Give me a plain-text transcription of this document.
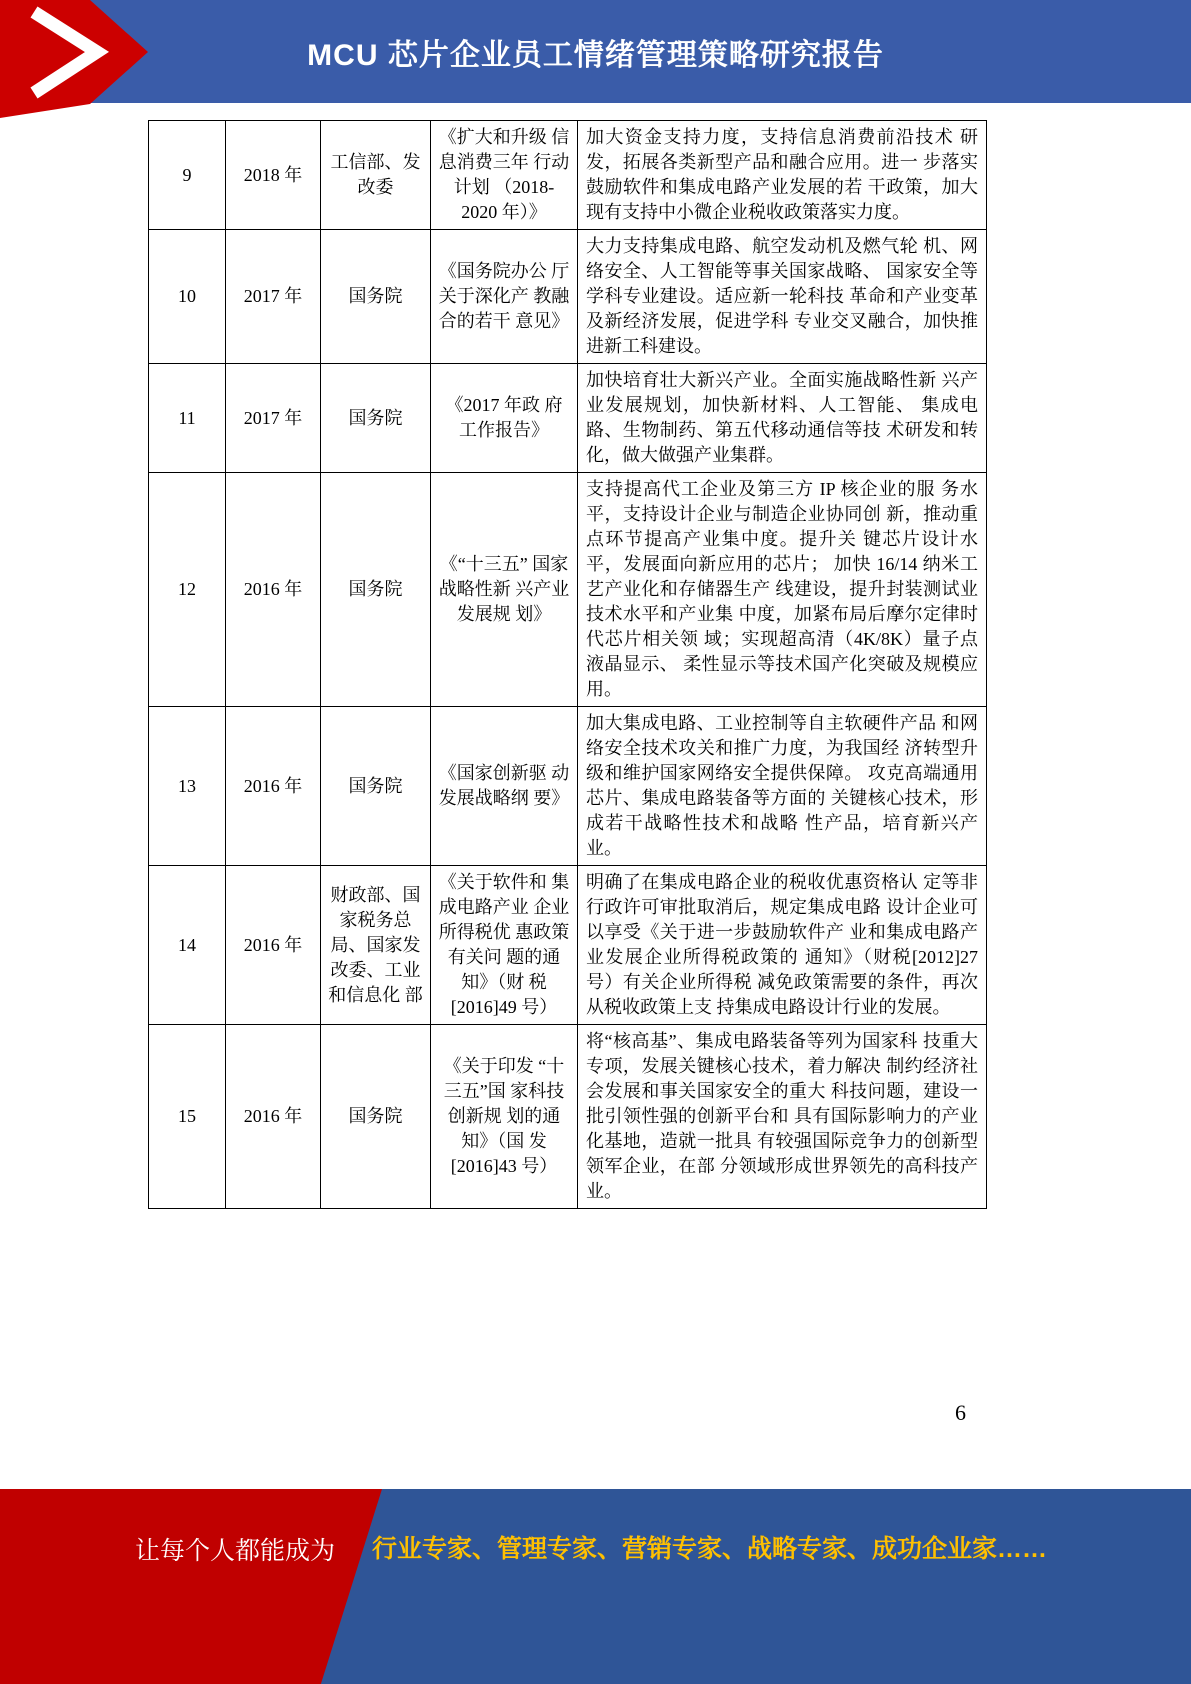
MCU 芯片企业员工情绪管理策略研究报告
9	2018 年	工信部、发 改委	《扩大和升级 信息消费三年 行动计划 （2018-2020 年）》	加大资金支持力度，支持信息消费前沿技术 研发，拓展各类新型产品和融合应用。进一 步落实鼓励软件和集成电路产业发展的若 干政策，加大现有支持中小微企业税收政策落实力度。
10	2017 年	国务院	《国务院办公 厅关于深化产 教融合的若干 意见》	大力支持集成电路、航空发动机及燃气轮 机、网络安全、人工智能等事关国家战略、 国家安全等学科专业建设。适应新一轮科技 革命和产业变革及新经济发展，促进学科 专业交叉融合，加快推进新工科建设。
11	2017 年	国务院	《2017 年政 府工作报告》	加快培育壮大新兴产业。全面实施战略性新 兴产业发展规划，加快新材料、人工智能、 集成电路、生物制药、第五代移动通信等技 术研发和转化，做大做强产业集群。
12	2016 年	国务院	《“十三五” 国家战略性新 兴产业发展规 划》	支持提高代工企业及第三方 IP 核企业的服 务水平，支持设计企业与制造企业协同创 新，推动重点环节提高产业集中度。提升关 键芯片设计水平，发展面向新应用的芯片； 加快 16/14 纳米工艺产业化和存储器生产 线建设，提升封装测试业技术水平和产业集 中度，加紧布局后摩尔定律时代芯片相关领 域；实现超高清（4K/8K）量子点液晶显示、 柔性显示等技术国产化突破及规模应用。
13	2016 年	国务院	《国家创新驱 动发展战略纲 要》	加大集成电路、工业控制等自主软硬件产品 和网络安全技术攻关和推广力度，为我国经 济转型升级和维护国家网络安全提供保障。 攻克高端通用芯片、集成电路装备等方面的 关键核心技术，形成若干战略性技术和战略 性产品，培育新兴产业。
14	2016 年	财政部、国 家税务总 局、国家发 改委、工业 和信息化 部	《关于软件和 集成电路产业 企业所得税优 惠政策有关问 题的通知》（财 税[2016]49 号）	明确了在集成电路企业的税收优惠资格认 定等非行政许可审批取消后，规定集成电路 设计企业可以享受《关于进一步鼓励软件产 业和集成电路产业发展企业所得税政策的 通知》（财税[2012]27 号）有关企业所得税 减免政策需要的条件，再次从税收政策上支 持集成电路设计行业的发展。
15	2016 年	国务院	《关于印发 “十三五”国 家科技创新规 划的通知》（国 发[2016]43 号）	将“核高基”、集成电路装备等列为国家科 技重大专项，发展关键核心技术，着力解决 制约经济社会发展和事关国家安全的重大 科技问题，建设一批引领性强的创新平台和 具有国际影响力的产业化基地，造就一批具 有较强国际竞争力的创新型领军企业，在部 分领域形成世界领先的高科技产业。
6
让每个人都能成为 行业专家、管理专家、营销专家、战略专家、成功企业家……
